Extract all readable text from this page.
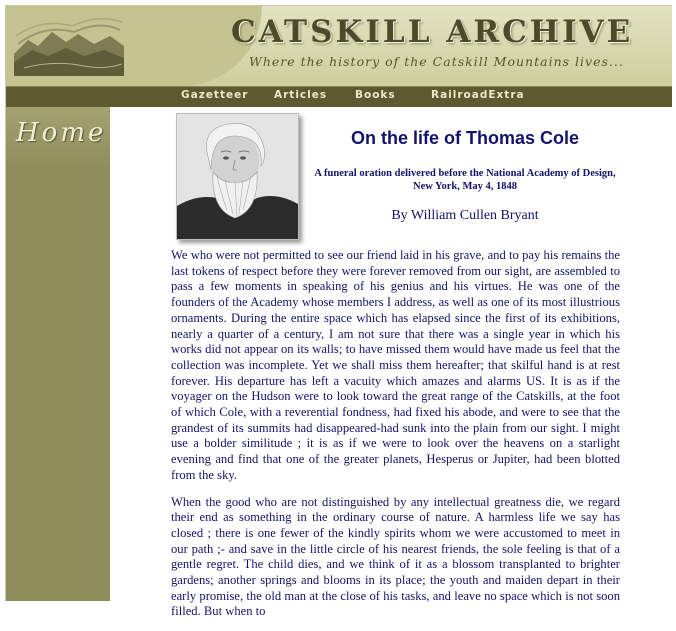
CATSKILL ARCHIVE
Where the history of the Catskill Mountains lives...
Gazetteer Articles	Books	RailroadExtra
Home	On the life of Thomas Cole
A funeral oration delivered before the National Academy of Design,
New York, May 4, 1848
By William Cullen Bryant

We who were not permitted to see our friend laid in his grave, and to pay his remains the last tokens of respect before they were forever removed from our sight, are assembled to pass a few moments in speaking of his genius and his virtues. He was one of the founders of the Academy whose members I address, as well as one of its most illustrious ornaments. During the entire space which has elapsed since the first of its exhibitions, nearly a quarter of a century, I am not sure that there was a single year in which his works did not appear on its walls; to have missed them would have made us feel that the collection was incomplete. Yet we shall miss them hereafter; that skilful hand is at rest forever. His departure has left a vacuity which amazes and alarms US. It is as if the voyager on the Hudson were to look toward the great range of the Catskills, at the foot of which Cole, with a reverential fondness, had fixed his abode, and were to see that the grandest of its summits had disappeared-had sunk into the plain from our sight. I might use a bolder similitude ; it is as if we were to look over the heavens on a starlight evening and find that one of the greater planets, Hesperus or Jupiter, had been blotted from the sky.

When the good who are not distinguished by any intellectual greatness die, we regard their end as something in the ordinary course of nature. A harmless life we say has closed ; there is one fewer of the kindly spirits whom we were accustomed to meet in our path ;- and save in the little circle of his nearest friends, the sole feeling is that of a gentle regret. The child dies, and we think of it as a blossom transplanted to brighter gardens; another springs and blooms in its place; the youth and maiden depart in their early promise, the old man at the close of his tasks, and leave no space which is not soon filled. But when to
